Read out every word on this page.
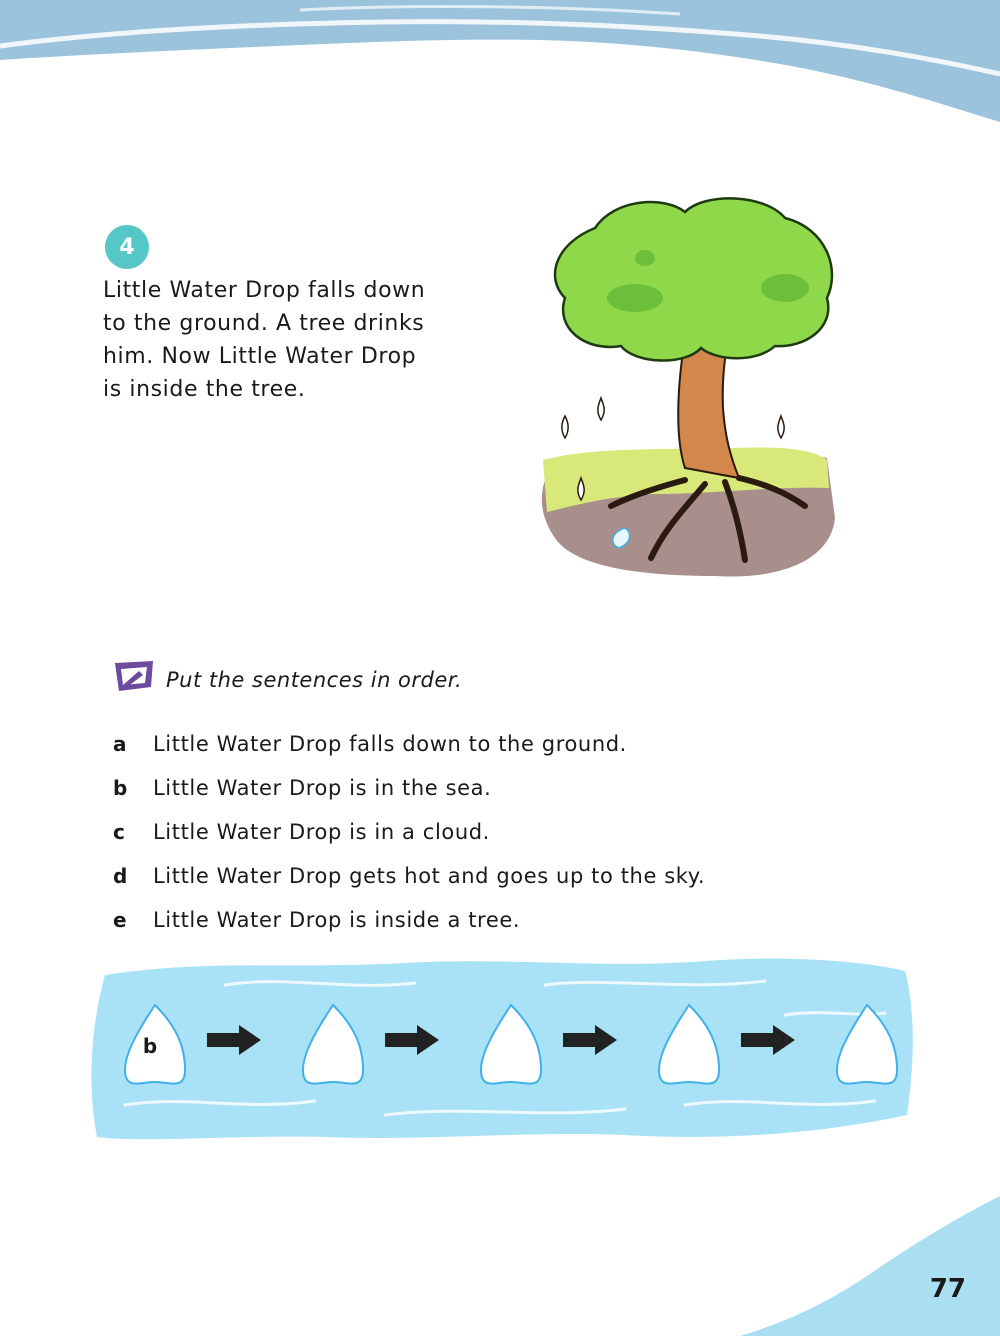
4

Little Water Drop falls down
to the ground. A tree drinks
him. Now Little Water Drop
is inside the tree.

Put the sentences in order.
a	Little Water Drop falls down to the ground.
b	Little Water Drop is in the sea.
c	Little Water Drop is in a cloud.
d	Little Water Drop gets hot and goes up to the sky.
e	Little Water Drop is inside a tree.
b
77
